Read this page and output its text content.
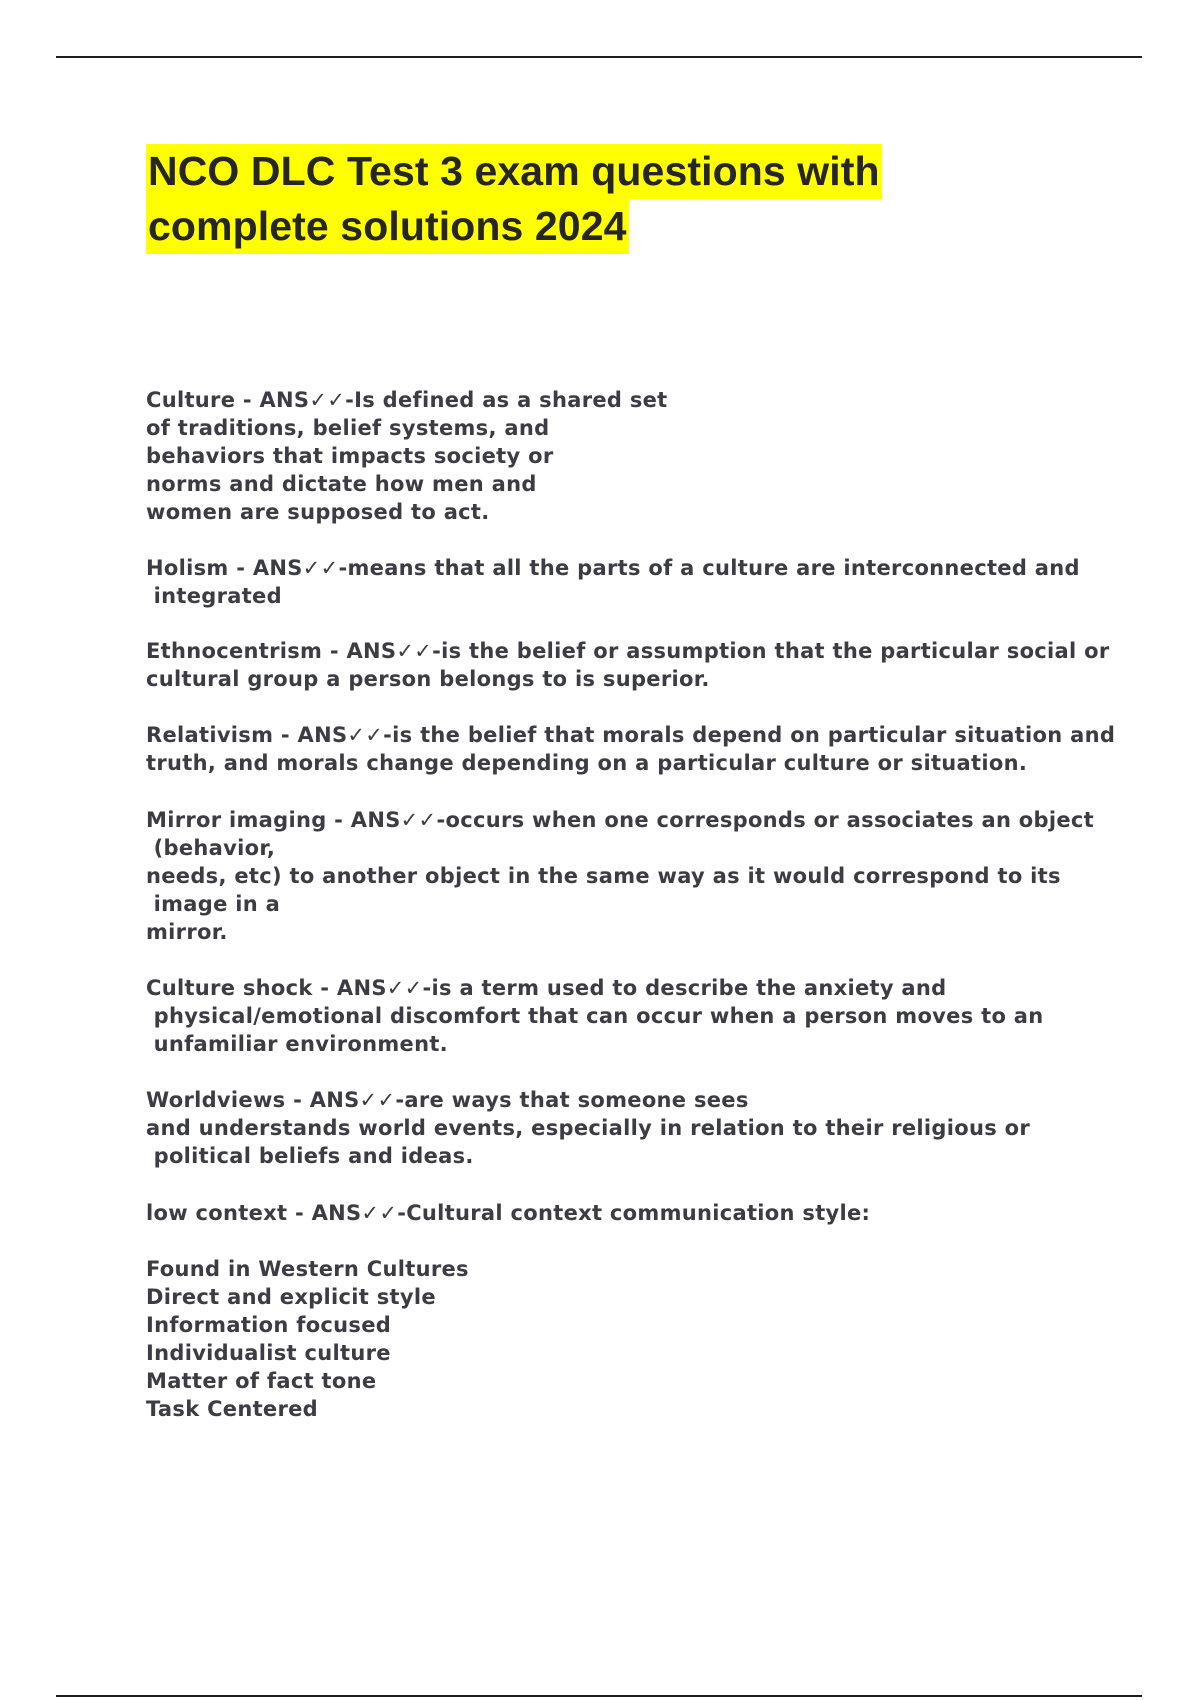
NCO DLC Test 3 exam questions with
complete solutions 2024

Culture - ANS✓✓-Is defined as a shared set
of traditions, belief systems, and
behaviors that impacts society or
norms and dictate how men and
women are supposed to act.

Holism - ANS✓✓-means that all the parts of a culture are interconnected and
integrated

Ethnocentrism - ANS✓✓-is the belief or assumption that the particular social or
cultural group a person belongs to is superior.

Relativism - ANS✓✓-is the belief that morals depend on particular situation and
truth, and morals change depending on a particular culture or situation.

Mirror imaging - ANS✓✓-occurs when one corresponds or associates an object
(behavior,
needs, etc) to another object in the same way as it would correspond to its
image in a
mirror.

Culture shock - ANS✓✓-is a term used to describe the anxiety and
physical/emotional discomfort that can occur when a person moves to an
unfamiliar environment.

Worldviews - ANS✓✓-are ways that someone sees
and understands world events, especially in relation to their religious or
political beliefs and ideas.

low context - ANS✓✓-Cultural context communication style:

Found in Western Cultures
Direct and explicit style
Information focused
Individualist culture
Matter of fact tone
Task Centered
